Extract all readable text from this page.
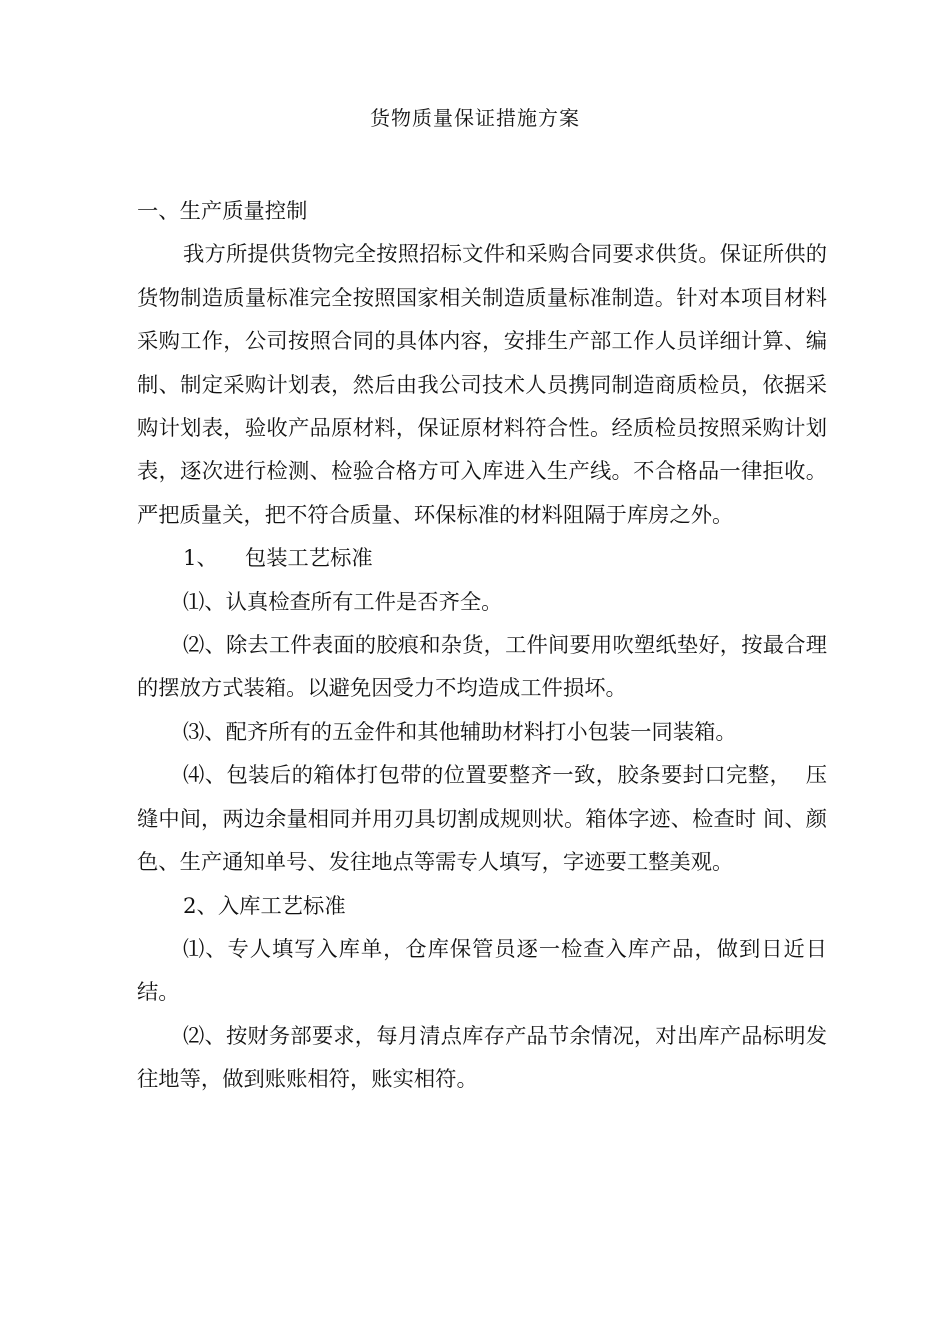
货物质量保证措施方案

一、生产质量控制

我方所提供货物完全按照招标文件和采购合同要求供货。保证所供的货物制造质量标准完全按照国家相关制造质量标准制造。针对本项目材料采购工作，公司按照合同的具体内容，安排生产部工作人员详细计算、编制、制定采购计划表，然后由我公司技术人员携同制造商质检员，依据采购计划表，验收产品原材料，保证原材料符合性。经质检员按照采购计划表，逐次进行检测、检验合格方可入库进入生产线。不合格品一律拒收。严把质量关，把不符合质量、环保标准的材料阻隔于库房之外。

1、    包装工艺标准

⑴、认真检查所有工件是否齐全。

⑵、除去工件表面的胶痕和杂货，工件间要用吹塑纸垫好，按最合理的摆放方式装箱。以避免因受力不均造成工件损坏。

⑶、配齐所有的五金件和其他辅助材料打小包装一同装箱。

⑷、包装后的箱体打包带的位置要整齐一致，胶条要封口完整，  压缝中间，两边余量相同并用刃具切割成规则状。箱体字迹、检查时 间、颜色、生产通知单号、发往地点等需专人填写，字迹要工整美观。

2、入库工艺标准

⑴、专人填写入库单，仓库保管员逐一检查入库产品，做到日近日结。

⑵、按财务部要求，每月清点库存产品节余情况，对出库产品标明发往地等，做到账账相符，账实相符。
